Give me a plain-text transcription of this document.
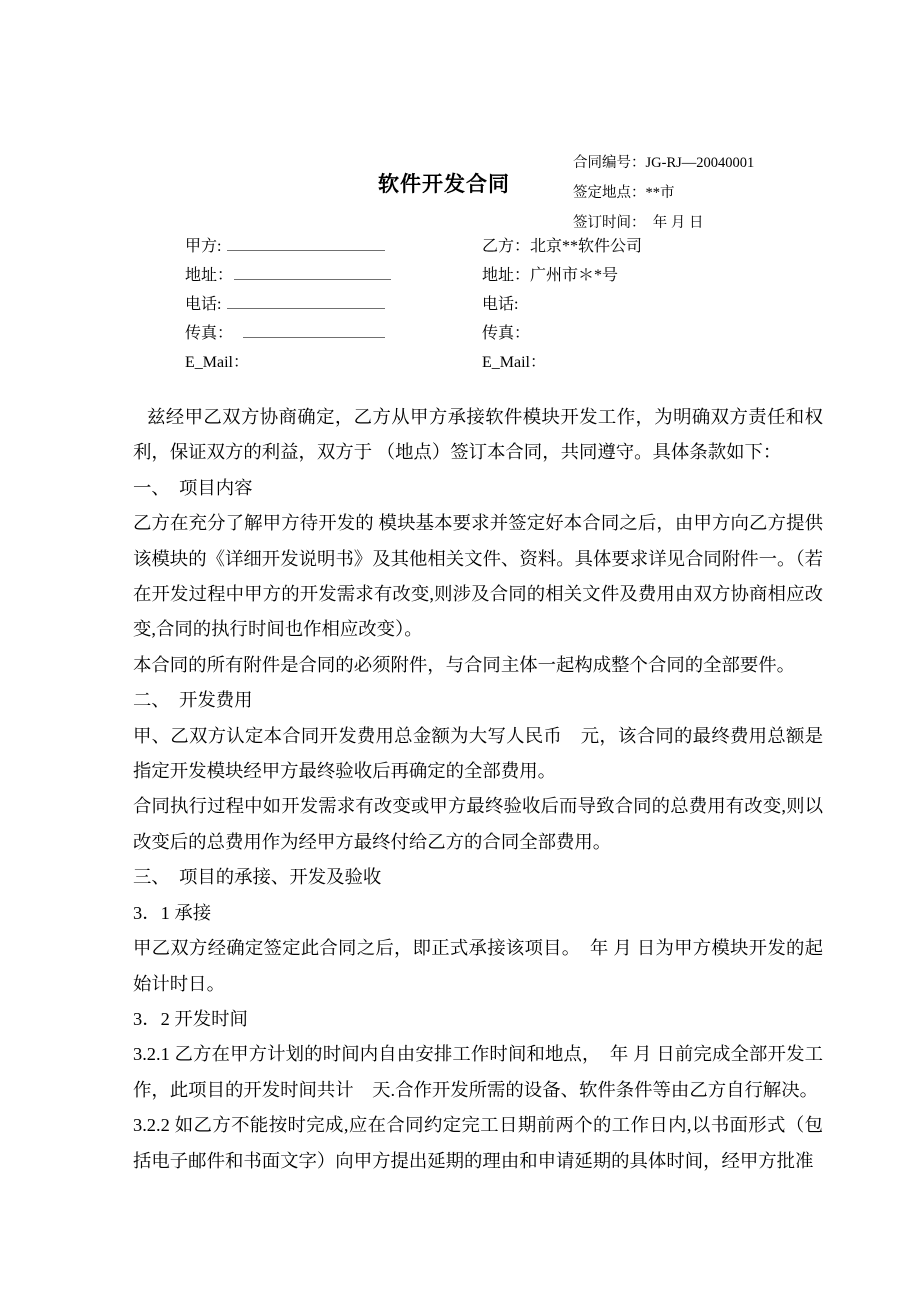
软件开发合同
合同编号：JG-RJ—20040001
签定地点：**市
签订时间：　年 月 日
甲方:
地址：
电话:
传真：
E_Mail：
乙方：北京**软件公司
地址：广州市＊*号
电话:
传真：
E_Mail：

兹经甲乙双方协商确定，乙方从甲方承接软件模块开发工作，为明确双方责任和权利，保证双方的利益，双方于 （地点）签订本合同，共同遵守。具体条款如下：

一、　项目内容

乙方在充分了解甲方待开发的 模块基本要求并签定好本合同之后，由甲方向乙方提供该模块的《详细开发说明书》及其他相关文件、资料。具体要求详见合同附件一。（若在开发过程中甲方的开发需求有改变,则涉及合同的相关文件及费用由双方协商相应改变,合同的执行时间也作相应改变）。

本合同的所有附件是合同的必须附件，与合同主体一起构成整个合同的全部要件。

二、　开发费用

甲、乙双方认定本合同开发费用总金额为大写人民币　元，该合同的最终费用总额是指定开发模块经甲方最终验收后再确定的全部费用。

合同执行过程中如开发需求有改变或甲方最终验收后而导致合同的总费用有改变,则以改变后的总费用作为经甲方最终付给乙方的合同全部费用。

三、　项目的承接、开发及验收

3．1 承接

甲乙双方经确定签定此合同之后，即正式承接该项目。　年 月 日为甲方模块开发的起始计时日。

3．2 开发时间

3.2.1 乙方在甲方计划的时间内自由安排工作时间和地点，　年 月 日前完成全部开发工作，此项目的开发时间共计　天.合作开发所需的设备、软件条件等由乙方自行解决。

3.2.2 如乙方不能按时完成,应在合同约定完工日期前两个的工作日内,以书面形式（包括电子邮件和书面文字）向甲方提出延期的理由和申请延期的具体时间，经甲方批准
